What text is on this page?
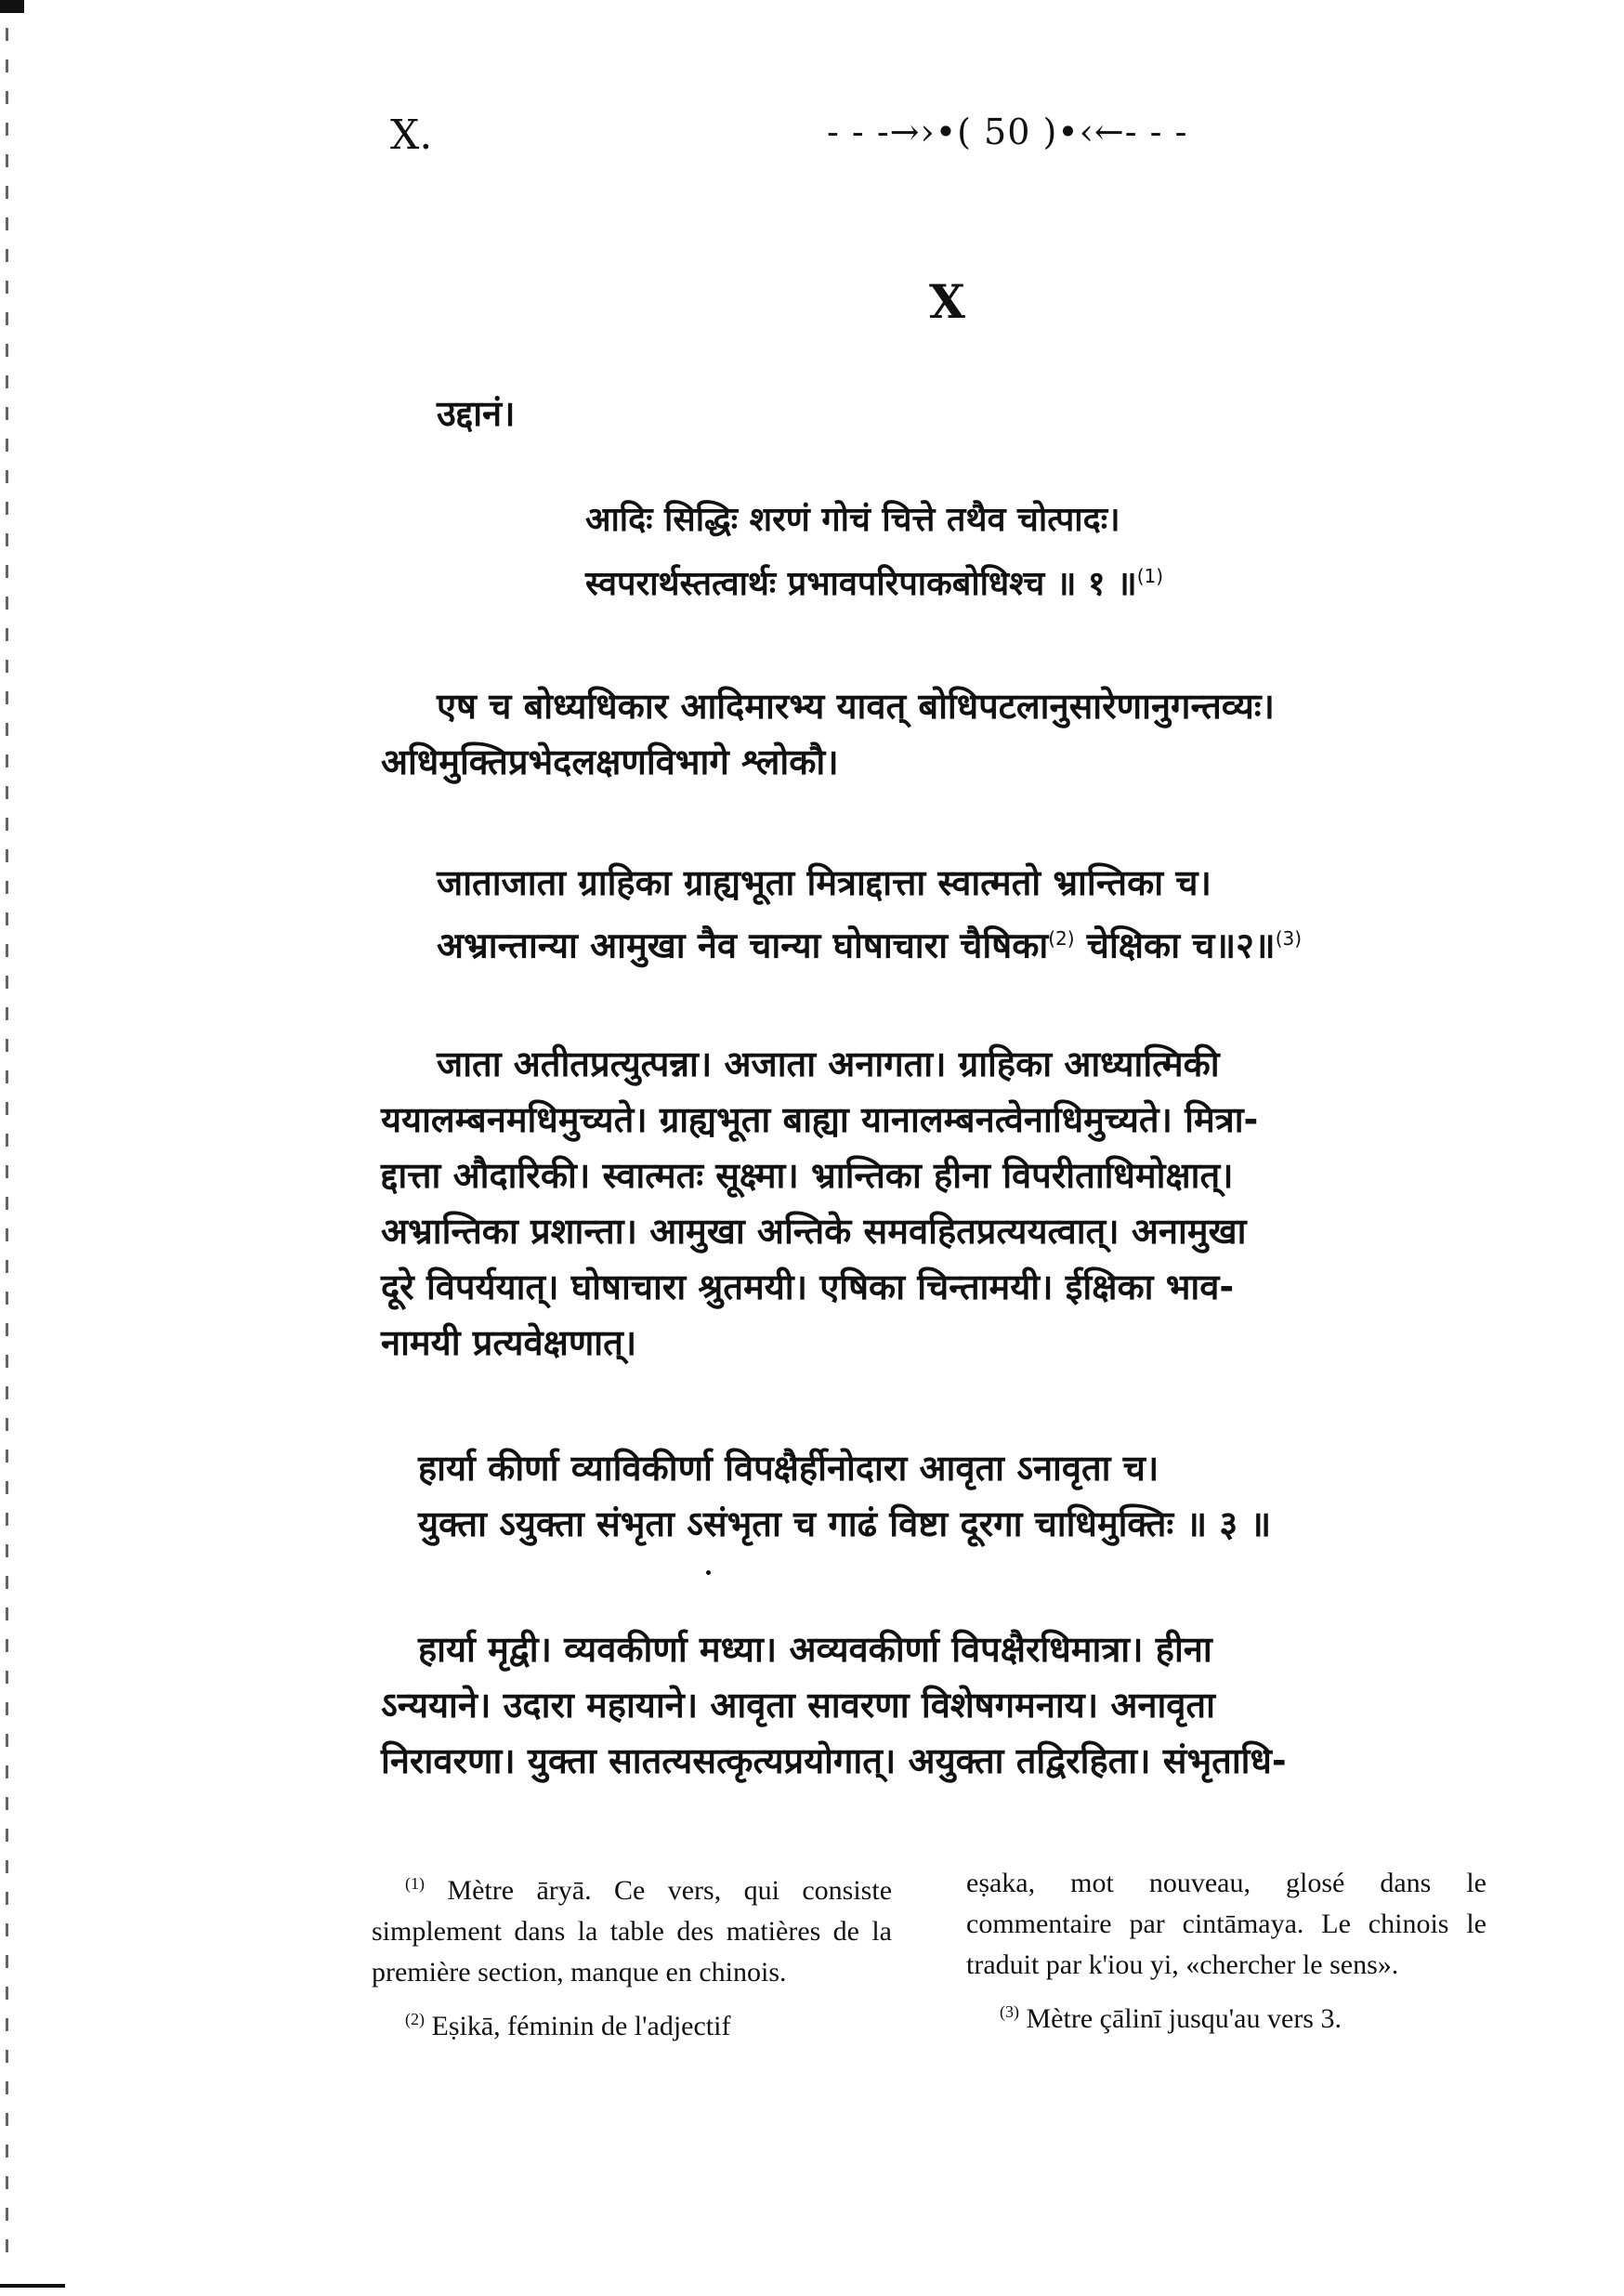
X.	- - -→›•( 50 )•‹←- - -
X
उद्दानं।
आदिः सिद्धिः शरणं गोचं चित्ते तथैव चोत्पादः।
स्वपरार्थस्तत्वार्थः प्रभावपरिपाकबोधिश्च ॥ १ ॥$^{(1)}$
एष च बोध्यधिकार आदिमारभ्य यावत् बोधिपटलानुसारेणानुगन्तव्यः।
अधिमुक्तिप्रभेदलक्षणविभागे श्लोकौ।
जाताजाता ग्राहिका ग्राह्यभूता मित्राद्दात्ता स्वात्मतो भ्रान्तिका च।
अभ्रान्तान्या आमुखा नैव चान्या घोषाचारा चैषिका$^{(2)}$ चेक्षिका च॥२॥$^{(3)}$
जाता अतीतप्रत्युत्पन्ना। अजाता अनागता। ग्राहिका आध्यात्मिकी
ययालम्बनमधिमुच्यते। ग्राह्यभूता बाह्या यानालम्बनत्वेनाधिमुच्यते। मित्रा-
द्दात्ता औदारिकी। स्वात्मतः सूक्ष्मा। भ्रान्तिका हीना विपरीताधिमोक्षात्।
अभ्रान्तिका प्रशान्ता। आमुखा अन्तिके समवहितप्रत्ययत्वात्। अनामुखा
दूरे विपर्ययात्। घोषाचारा श्रुतमयी। एषिका चिन्तामयी। ईक्षिका भाव-
नामयी प्रत्यवेक्षणात्।
हार्या कीर्णा व्याविकीर्णा विपक्षैर्हीनोदारा आवृता ऽनावृता च।
युक्ता ऽयुक्ता संभृता ऽसंभृता च गाढं विष्टा दूरगा चाधिमुक्तिः ॥ ३ ॥
हार्या मृद्वी। व्यवकीर्णा मध्या। अव्यवकीर्णा विपक्षैरधिमात्रा। हीना
ऽन्ययाने। उदारा महायाने। आवृता सावरणा विशेषगमनाय। अनावृता
निरावरणा। युक्ता सातत्यसत्कृत्यप्रयोगात्। अयुक्ता तद्विरहिता। संभृताधि-

$^{(1)}$ Mètre āryā. Ce vers, qui consiste simplement dans la table des matières de la première section, manque en chinois.

$^{(2)}$ Eṣikā, féminin de l'adjectif

eṣaka, mot nouveau, glosé dans le commentaire par cintāmaya. Le chinois le traduit par k'iou yi, «chercher le sens».

$^{(3)}$ Mètre çālinī jusqu'au vers 3.
